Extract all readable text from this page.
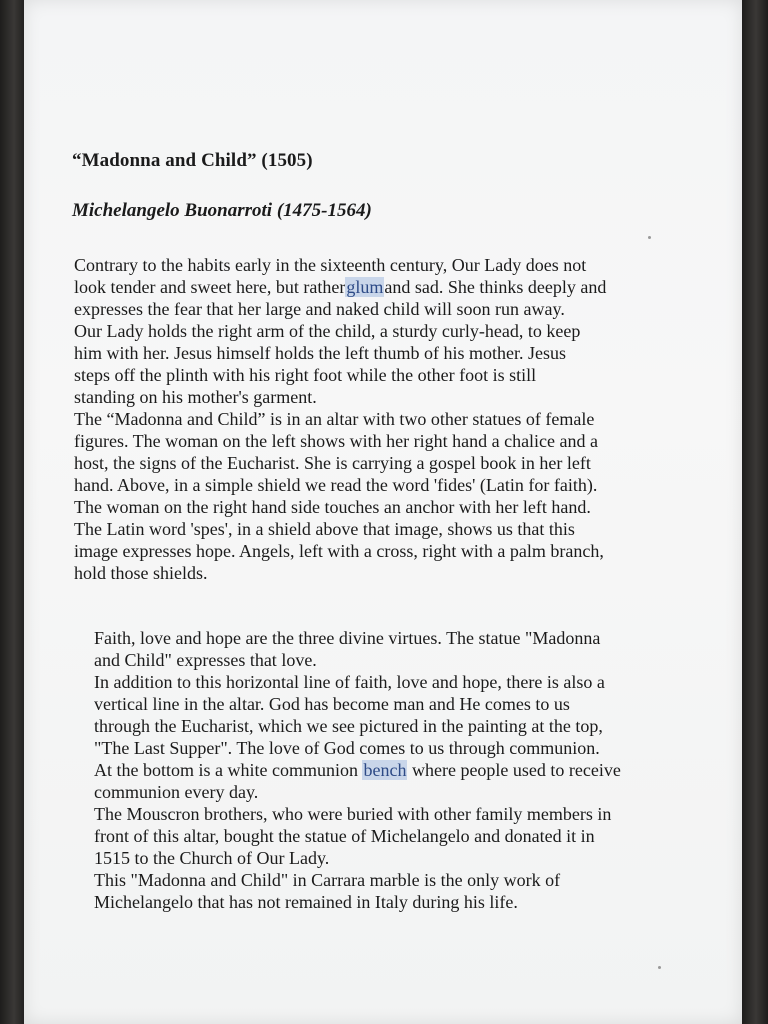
“Madonna and Child” (1505)
Michelangelo Buonarroti (1475-1564)

Contrary to the habits early in the sixteenth century, Our Lady does not
look tender and sweet here, but ratherglumand sad. She thinks deeply and
expresses the fear that her large and naked child will soon run away.
Our Lady holds the right arm of the child, a sturdy curly-head, to keep
him with her. Jesus himself holds the left thumb of his mother. Jesus
steps off the plinth with his right foot while the other foot is still
standing on his mother's garment.
The “Madonna and Child” is in an altar with two other statues of female
figures. The woman on the left shows with her right hand a chalice and a
host, the signs of the Eucharist. She is carrying a gospel book in her left
hand. Above, in a simple shield we read the word 'fides' (Latin for faith).
The woman on the right hand side touches an anchor with her left hand.
The Latin word 'spes', in a shield above that image, shows us that this
image expresses hope. Angels, left with a cross, right with a palm branch,
hold those shields.

Faith, love and hope are the three divine virtues. The statue "Madonna
and Child" expresses that love.
In addition to this horizontal line of faith, love and hope, there is also a
vertical line in the altar. God has become man and He comes to us
through the Eucharist, which we see pictured in the painting at the top,
"The Last Supper". The love of God comes to us through communion.
At the bottom is a white communion bench where people used to receive
communion every day.
The Mouscron brothers, who were buried with other family members in
front of this altar, bought the statue of Michelangelo and donated it in
1515 to the Church of Our Lady.
This "Madonna and Child" in Carrara marble is the only work of
Michelangelo that has not remained in Italy during his life.
